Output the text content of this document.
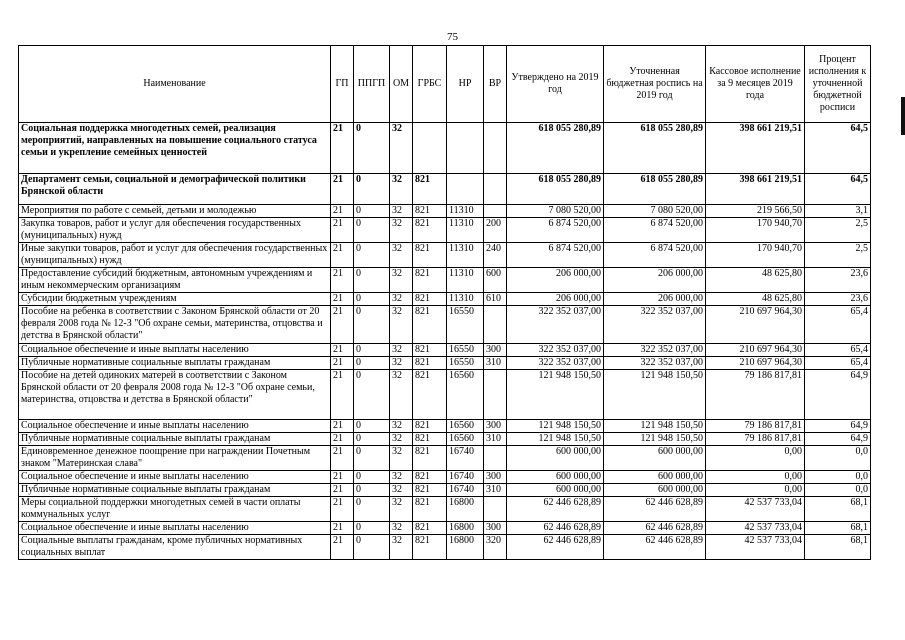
75
Наименование	ГП	ППГП	ОМ	ГРБС	НР	ВР	Утверждено на 2019 год	Уточненная бюджетная роспись на 2019 год	Кассовое исполнение за 9 месяцев 2019 года	Процент исполнения к уточненной бюджетной росписи
Социальная поддержка многодетных семей, реализация мероприятий, направленных на повышение социального статуса семьи и укрепление семейных ценностей	21	0	32				618 055 280,89	618 055 280,89	398 661 219,51	64,5
Департамент семьи, социальной и демографической политики Брянской области	21	0	32	821			618 055 280,89	618 055 280,89	398 661 219,51	64,5
Мероприятия по работе с семьей, детьми и молодежью	21	0	32	821	11310		7 080 520,00	7 080 520,00	219 566,50	3,1
Закупка товаров, работ и услуг для обеспечения государственных (муниципальных) нужд	21	0	32	821	11310	200	6 874 520,00	6 874 520,00	170 940,70	2,5
Иные закупки товаров, работ и услуг для обеспечения государственных (муниципальных) нужд	21	0	32	821	11310	240	6 874 520,00	6 874 520,00	170 940,70	2,5
Предоставление субсидий бюджетным, автономным учреждениям и иным некоммерческим организациям	21	0	32	821	11310	600	206 000,00	206 000,00	48 625,80	23,6
Субсидии бюджетным учреждениям	21	0	32	821	11310	610	206 000,00	206 000,00	48 625,80	23,6
Пособие на ребенка в соответствии с Законом Брянской области от 20 февраля 2008 года № 12-З "Об охране семьи, материнства, отцовства и детства в Брянской области"	21	0	32	821	16550		322 352 037,00	322 352 037,00	210 697 964,30	65,4
Социальное обеспечение и иные выплаты населению	21	0	32	821	16550	300	322 352 037,00	322 352 037,00	210 697 964,30	65,4
Публичные нормативные социальные выплаты гражданам	21	0	32	821	16550	310	322 352 037,00	322 352 037,00	210 697 964,30	65,4
Пособие на детей одиноких матерей в соответствии с Законом Брянской области от 20 февраля 2008 года № 12-З "Об охране семьи, материнства, отцовства и детства в Брянской области"	21	0	32	821	16560		121 948 150,50	121 948 150,50	79 186 817,81	64,9
Социальное обеспечение и иные выплаты населению	21	0	32	821	16560	300	121 948 150,50	121 948 150,50	79 186 817,81	64,9
Публичные нормативные социальные выплаты гражданам	21	0	32	821	16560	310	121 948 150,50	121 948 150,50	79 186 817,81	64,9
Единовременное денежное поощрение при награждении Почетным знаком "Материнская слава"	21	0	32	821	16740		600 000,00	600 000,00	0,00	0,0
Социальное обеспечение и иные выплаты населению	21	0	32	821	16740	300	600 000,00	600 000,00	0,00	0,0
Публичные нормативные социальные выплаты гражданам	21	0	32	821	16740	310	600 000,00	600 000,00	0,00	0,0
Меры социальной поддержки многодетных семей в части оплаты коммунальных услуг	21	0	32	821	16800		62 446 628,89	62 446 628,89	42 537 733,04	68,1
Социальное обеспечение и иные выплаты населению	21	0	32	821	16800	300	62 446 628,89	62 446 628,89	42 537 733,04	68,1
Социальные выплаты гражданам, кроме публичных нормативных социальных выплат	21	0	32	821	16800	320	62 446 628,89	62 446 628,89	42 537 733,04	68,1
